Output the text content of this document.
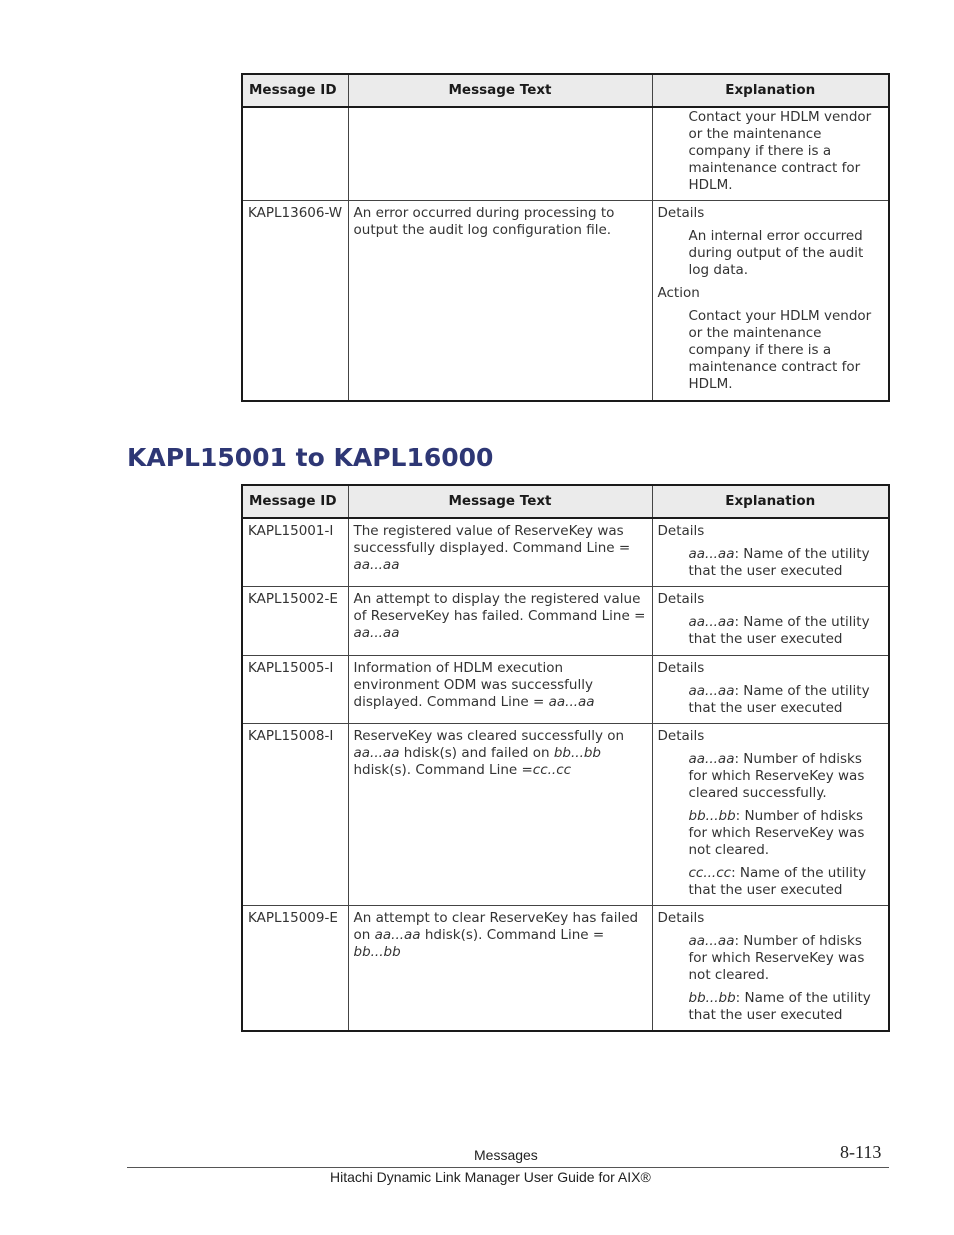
Message ID	Message Text	Explanation

		Contact your HDLM vendor or the maintenance company if there is a maintenance contract for HDLM.

KAPL13606-W	An error occurred during processing to output the audit log configuration file.	Details

An internal error occurred during output of the audit log data.

Action

Contact your HDLM vendor or the maintenance company if there is a maintenance contract for HDLM.

KAPL15001 to KAPL16000
Message ID	Message Text	Explanation
KAPL15001-I	The registered value of ReserveKey was successfully displayed. Command Line = aa...aa	Details

aa...aa: Name of the utility that the user executed

KAPL15002-E	An attempt to display the registered value of ReserveKey has failed. Command Line = aa...aa	Details

aa...aa: Name of the utility that the user executed

KAPL15005-I	Information of HDLM execution environment ODM was successfully displayed. Command Line = aa...aa	Details

aa...aa: Name of the utility that the user executed

KAPL15008-I	ReserveKey was cleared successfully on aa...aa hdisk(s) and failed on bb...bb hdisk(s). Command Line =cc..cc	Details

aa...aa: Number of hdisks for which ReserveKey was cleared successfully.

bb...bb: Number of hdisks for which ReserveKey was not cleared.

cc...cc: Name of the utility that the user executed

KAPL15009-E	An attempt to clear ReserveKey has failed on aa...aa hdisk(s). Command Line = bb...bb	Details

aa...aa: Number of hdisks for which ReserveKey was not cleared.

bb...bb: Name of the utility that the user executed

Messages	8-113
Hitachi Dynamic Link Manager User Guide for AIX®
